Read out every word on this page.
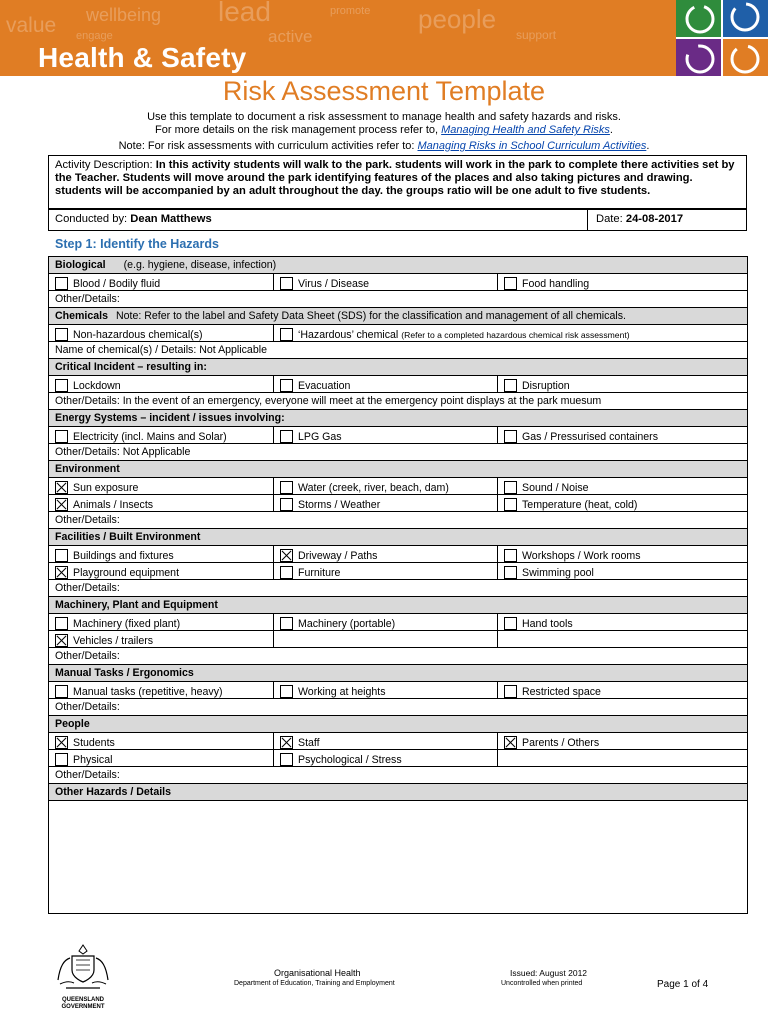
value wellbeing lead	promote people
engage	active	support
Health & Safety
Risk Assessment Template
Use this template to document a risk assessment to manage health and safety hazards and risks.
For more details on the risk management process refer to, Managing Health and Safety Risks.
Note: For risk assessments with curriculum activities refer to: Managing Risks in School Curriculum Activities.
Activity Description: In this activity students will walk to the park. students will work in the park to complete there activities set by the Teacher. Students will move around the park identifying features of the places and also taking pictures and drawing. students will be accompanied by an adult throughout the day. the groups ratio will be one adult to five students.
Conducted by: Dean Matthews	Date: 24-08-2017
Step 1: Identify the Hazards
Biological (e.g. hygiene, disease, infection)		
Blood / Bodily fluid	Virus / Disease	Food handling
Other/Details:		
Chemicals Note: Refer to the label and Safety Data Sheet (SDS) for the classification and management of all chemicals.		
Non-hazardous chemical(s)	‘Hazardous’ chemical (Refer to a completed hazardous chemical risk assessment)	
Name of chemical(s) / Details: Not Applicable		
Critical Incident – resulting in:		
Lockdown	Evacuation	Disruption
Other/Details: In the event of an emergency, everyone will meet at the emergency point displays at the park muesum		
Energy Systems – incident / issues involving:		
Electricity (incl. Mains and Solar)	LPG Gas	Gas / Pressurised containers
Other/Details: Not Applicable		
Environment		
Sun exposure	Water (creek, river, beach, dam)	Sound / Noise
Animals / Insects	Storms / Weather	Temperature (heat, cold)
Other/Details:		
Facilities / Built Environment		
Buildings and fixtures	Driveway / Paths	Workshops / Work rooms
Playground equipment	Furniture	Swimming pool
Other/Details:		
Machinery, Plant and Equipment		
Machinery (fixed plant)	Machinery (portable)	Hand tools
Vehicles / trailers		
Other/Details:		
Manual Tasks / Ergonomics		
Manual tasks (repetitive, heavy)	Working at heights	Restricted space
Other/Details:		
People		
Students	Staff	Parents / Others
Physical	Psychological / Stress	
Other/Details:		
Other Hazards / Details		

QUEENSLAND
GOVERNMENT
Organisational Health
Department of Education, Training and Employment
Issued: August 2012
Uncontrolled when printed	Page 1 of 4
